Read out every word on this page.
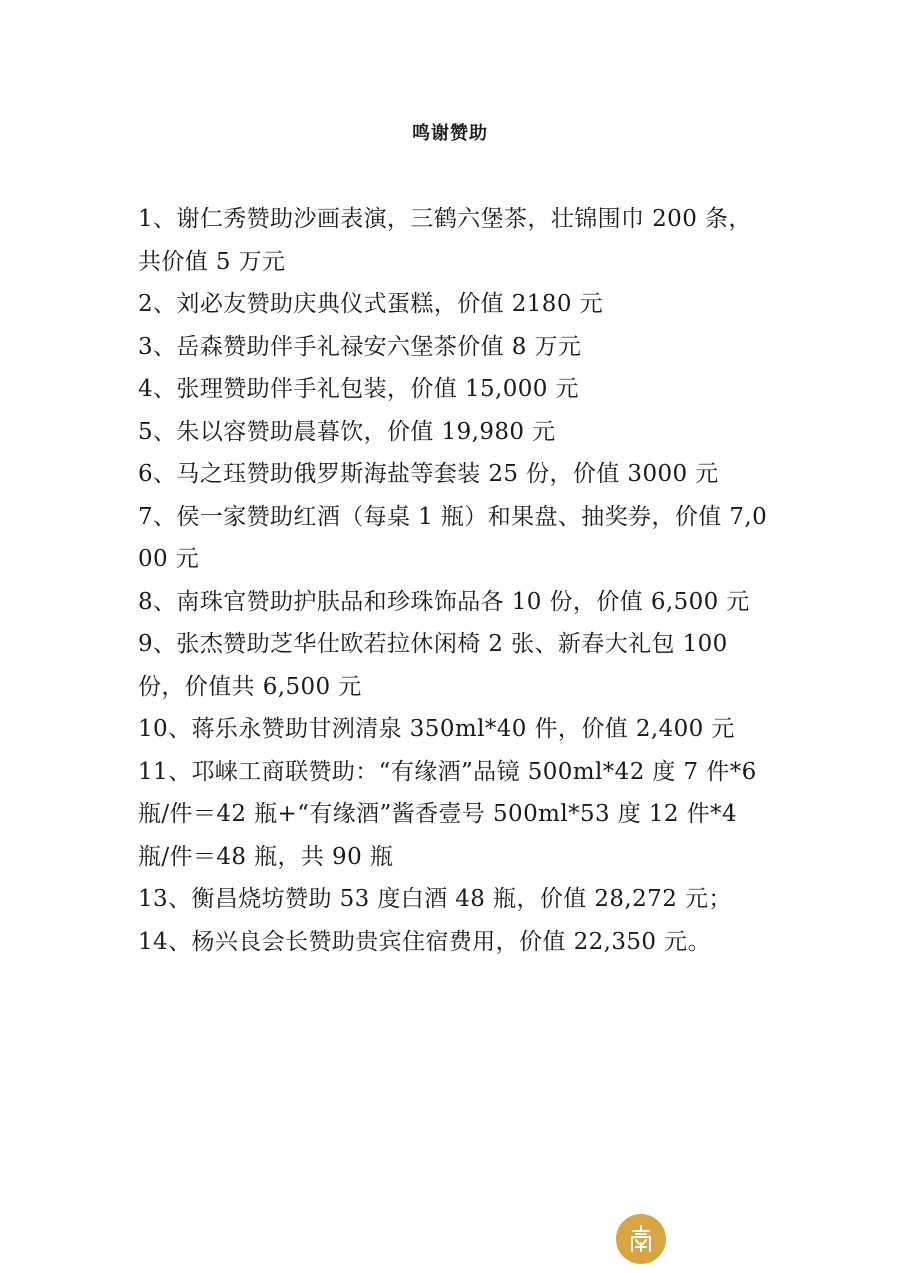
鸣谢赞助
1、谢仁秀赞助沙画表演，三鹤六堡茶，壮锦围巾 200 条，共价值 5 万元
2、刘必友赞助庆典仪式蛋糕，价值 2180 元
3、岳森赞助伴手礼禄安六堡茶价值 8 万元
4、张理赞助伴手礼包装，价值 15,000 元
5、朱以容赞助晨暮饮，价值 19,980 元
6、马之珏赞助俄罗斯海盐等套装 25 份，价值 3000 元
7、侯一家赞助红酒（每桌 1 瓶）和果盘、抽奖券，价值 7,000 元
8、南珠官赞助护肤品和珍珠饰品各 10 份，价值 6,500 元
9、张杰赞助芝华仕欧若拉休闲椅 2 张、新春大礼包 100 份，价值共 6,500 元
10、蒋乐永赞助甘洌清泉 350ml*40 件，价值 2,400 元
11、邛崃工商联赞助：“有缘酒”品镜 500ml*42 度 7 件*6 瓶/件＝42 瓶+“有缘酒”酱香壹号 500ml*53 度 12 件*4 瓶/件＝48 瓶，共 90 瓶
13、衡昌烧坊赞助 53 度白酒 48 瓶，价值 28,272 元；
14、杨兴良会长赞助贵宾住宿费用，价值 22,350 元。
